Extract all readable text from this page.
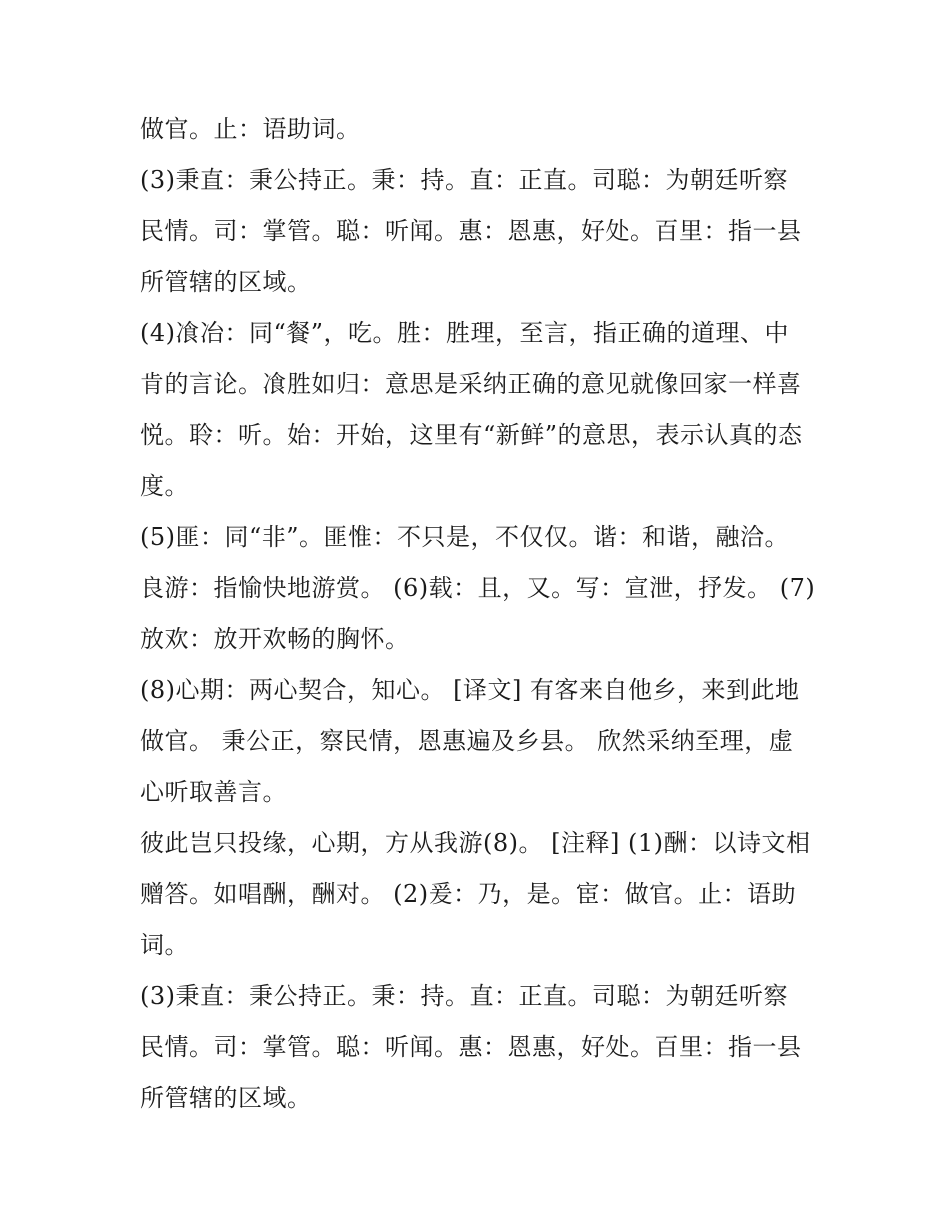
做官。止：语助词。
(3)秉直：秉公持正。秉：持。直：正直。司聪：为朝廷听察
民情。司：掌管。聪：听闻。惠：恩惠，好处。百里：指一县
所管辖的区域。
(4)飡冶：同“餐”，吃。胜：胜理，至言，指正确的道理、中
肯的言论。飡胜如归：意思是采纳正确的意见就像回家一样喜
悦。聆：听。始：开始，这里有“新鲜”的意思，表示认真的态
度。
(5)匪：同“非”。匪惟：不只是，不仅仅。谐：和谐，融洽。
良游：指愉快地游赏。 (6)载：且，又。写：宣泄，抒发。 (7)
放欢：放开欢畅的胸怀。
(8)心期：两心契合，知心。 [译文] 有客来自他乡，来到此地
做官。 秉公正，察民情，恩惠遍及乡县。 欣然采纳至理，虚
心听取善言。
彼此岂只投缘，心期，方从我游(8)。 [注释] (1)酬：以诗文相
赠答。如唱酬，酬对。 (2)爰：乃，是。宦：做官。止：语助
词。
(3)秉直：秉公持正。秉：持。直：正直。司聪：为朝廷听察
民情。司：掌管。聪：听闻。惠：恩惠，好处。百里：指一县
所管辖的区域。
